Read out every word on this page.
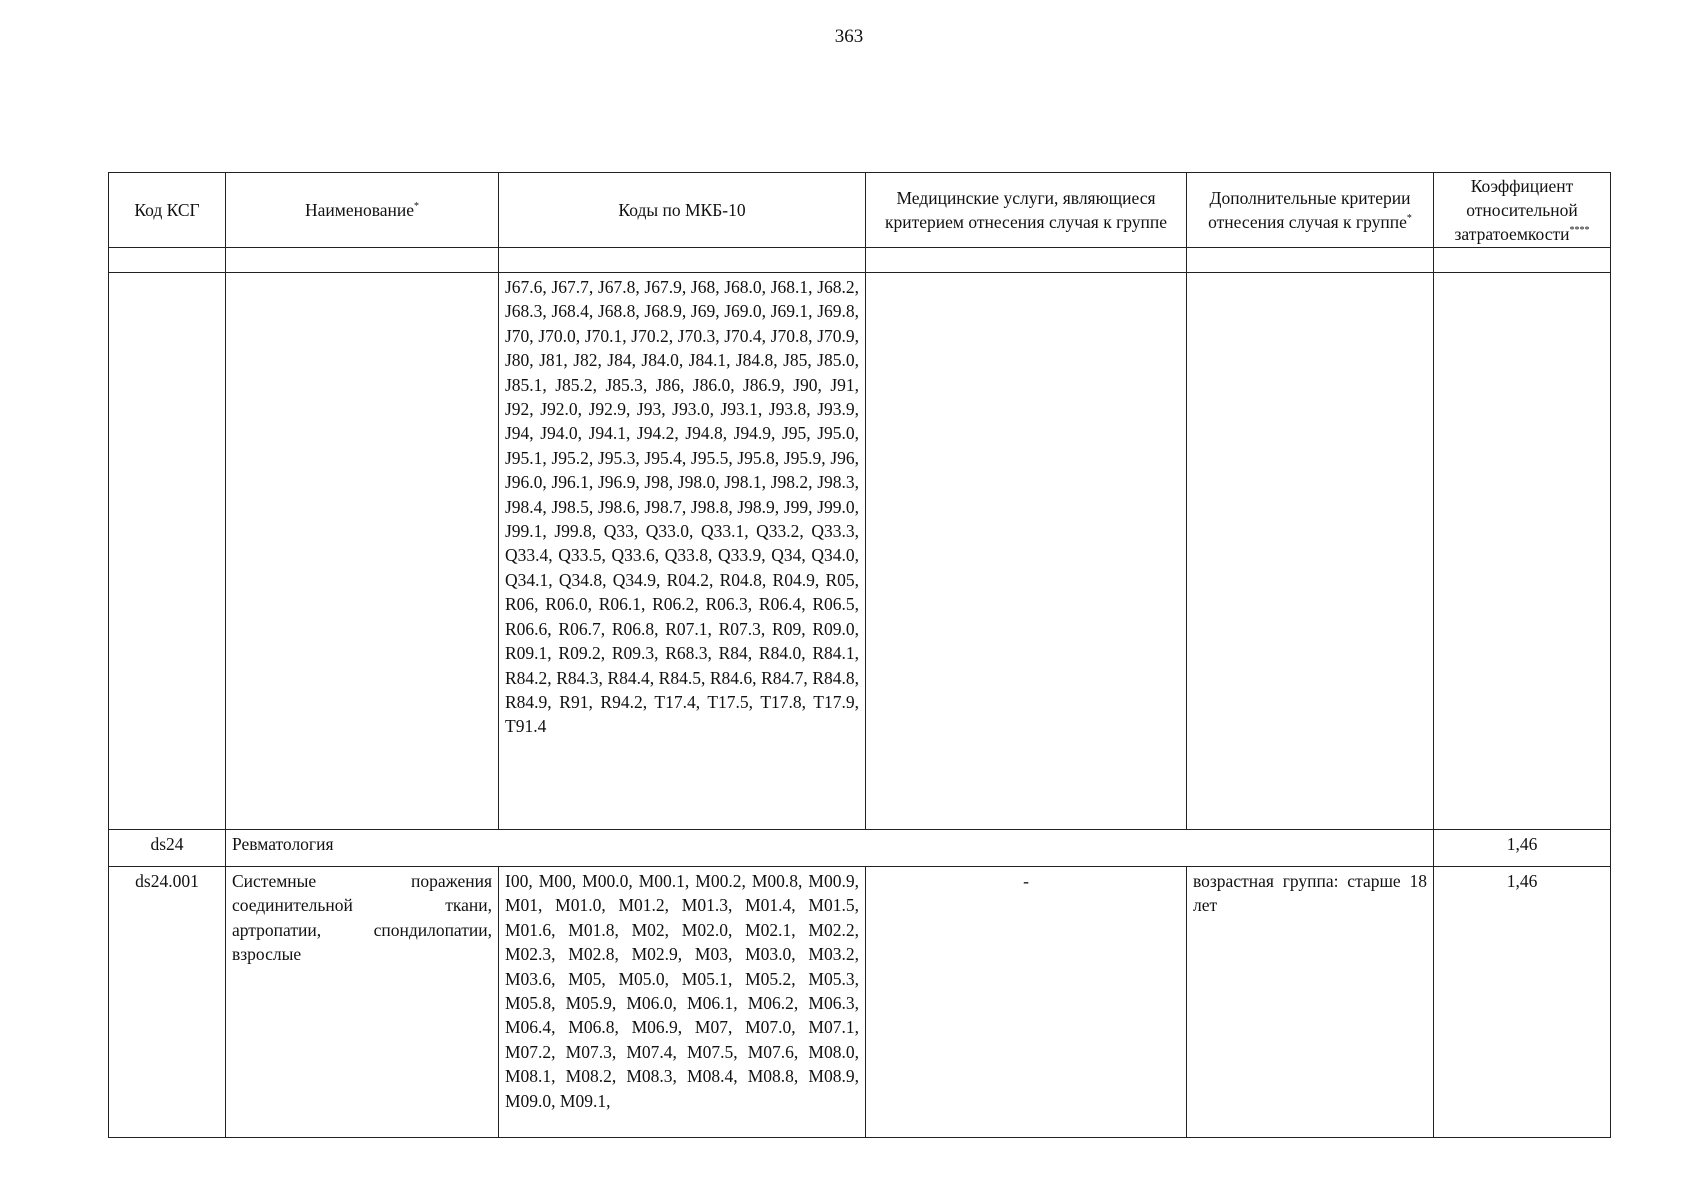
363
Код КСГ	Наименование*	Коды по МКБ-10	Медицинские услуги, являющиеся критерием отнесения случая к группе	Дополнительные критерии отнесения случая к группе*	Коэффициент относительной затратоемкости****

		J67.6, J67.7, J67.8, J67.9, J68, J68.0, J68.1, J68.2, J68.3, J68.4, J68.8, J68.9, J69, J69.0, J69.1, J69.8, J70, J70.0, J70.1, J70.2, J70.3, J70.4, J70.8, J70.9, J80, J81, J82, J84, J84.0, J84.1, J84.8, J85, J85.0, J85.1, J85.2, J85.3, J86, J86.0, J86.9, J90, J91, J92, J92.0, J92.9, J93, J93.0, J93.1, J93.8, J93.9, J94, J94.0, J94.1, J94.2, J94.8, J94.9, J95, J95.0, J95.1, J95.2, J95.3, J95.4, J95.5, J95.8, J95.9, J96, J96.0, J96.1, J96.9, J98, J98.0, J98.1, J98.2, J98.3, J98.4, J98.5, J98.6, J98.7, J98.8, J98.9, J99, J99.0, J99.1, J99.8, Q33, Q33.0, Q33.1, Q33.2, Q33.3, Q33.4, Q33.5, Q33.6, Q33.8, Q33.9, Q34, Q34.0, Q34.1, Q34.8, Q34.9, R04.2, R04.8, R04.9, R05, R06, R06.0, R06.1, R06.2, R06.3, R06.4, R06.5, R06.6, R06.7, R06.8, R07.1, R07.3, R09, R09.0, R09.1, R09.2, R09.3, R68.3, R84, R84.0, R84.1, R84.2, R84.3, R84.4, R84.5, R84.6, R84.7, R84.8, R84.9, R91, R94.2, T17.4, T17.5, T17.8, T17.9, T91.4			
ds24	Ревматология				1,46
ds24.001	Системные поражения соединительной ткани, артропатии, спондилопатии, взрослые	I00, M00, M00.0, M00.1, M00.2, M00.8, M00.9, M01, M01.0, M01.2, M01.3, M01.4, M01.5, M01.6, M01.8, M02, M02.0, M02.1, M02.2, M02.3, M02.8, M02.9, M03, M03.0, M03.2, M03.6, M05, M05.0, M05.1, M05.2, M05.3, M05.8, M05.9, M06.0, M06.1, M06.2, M06.3, M06.4, M06.8, M06.9, M07, M07.0, M07.1, M07.2, M07.3, M07.4, M07.5, M07.6, M08.0, M08.1, M08.2, M08.3, M08.4, M08.8, M08.9, M09.0, M09.1,	-	возрастная группа: старше 18 лет	1,46
